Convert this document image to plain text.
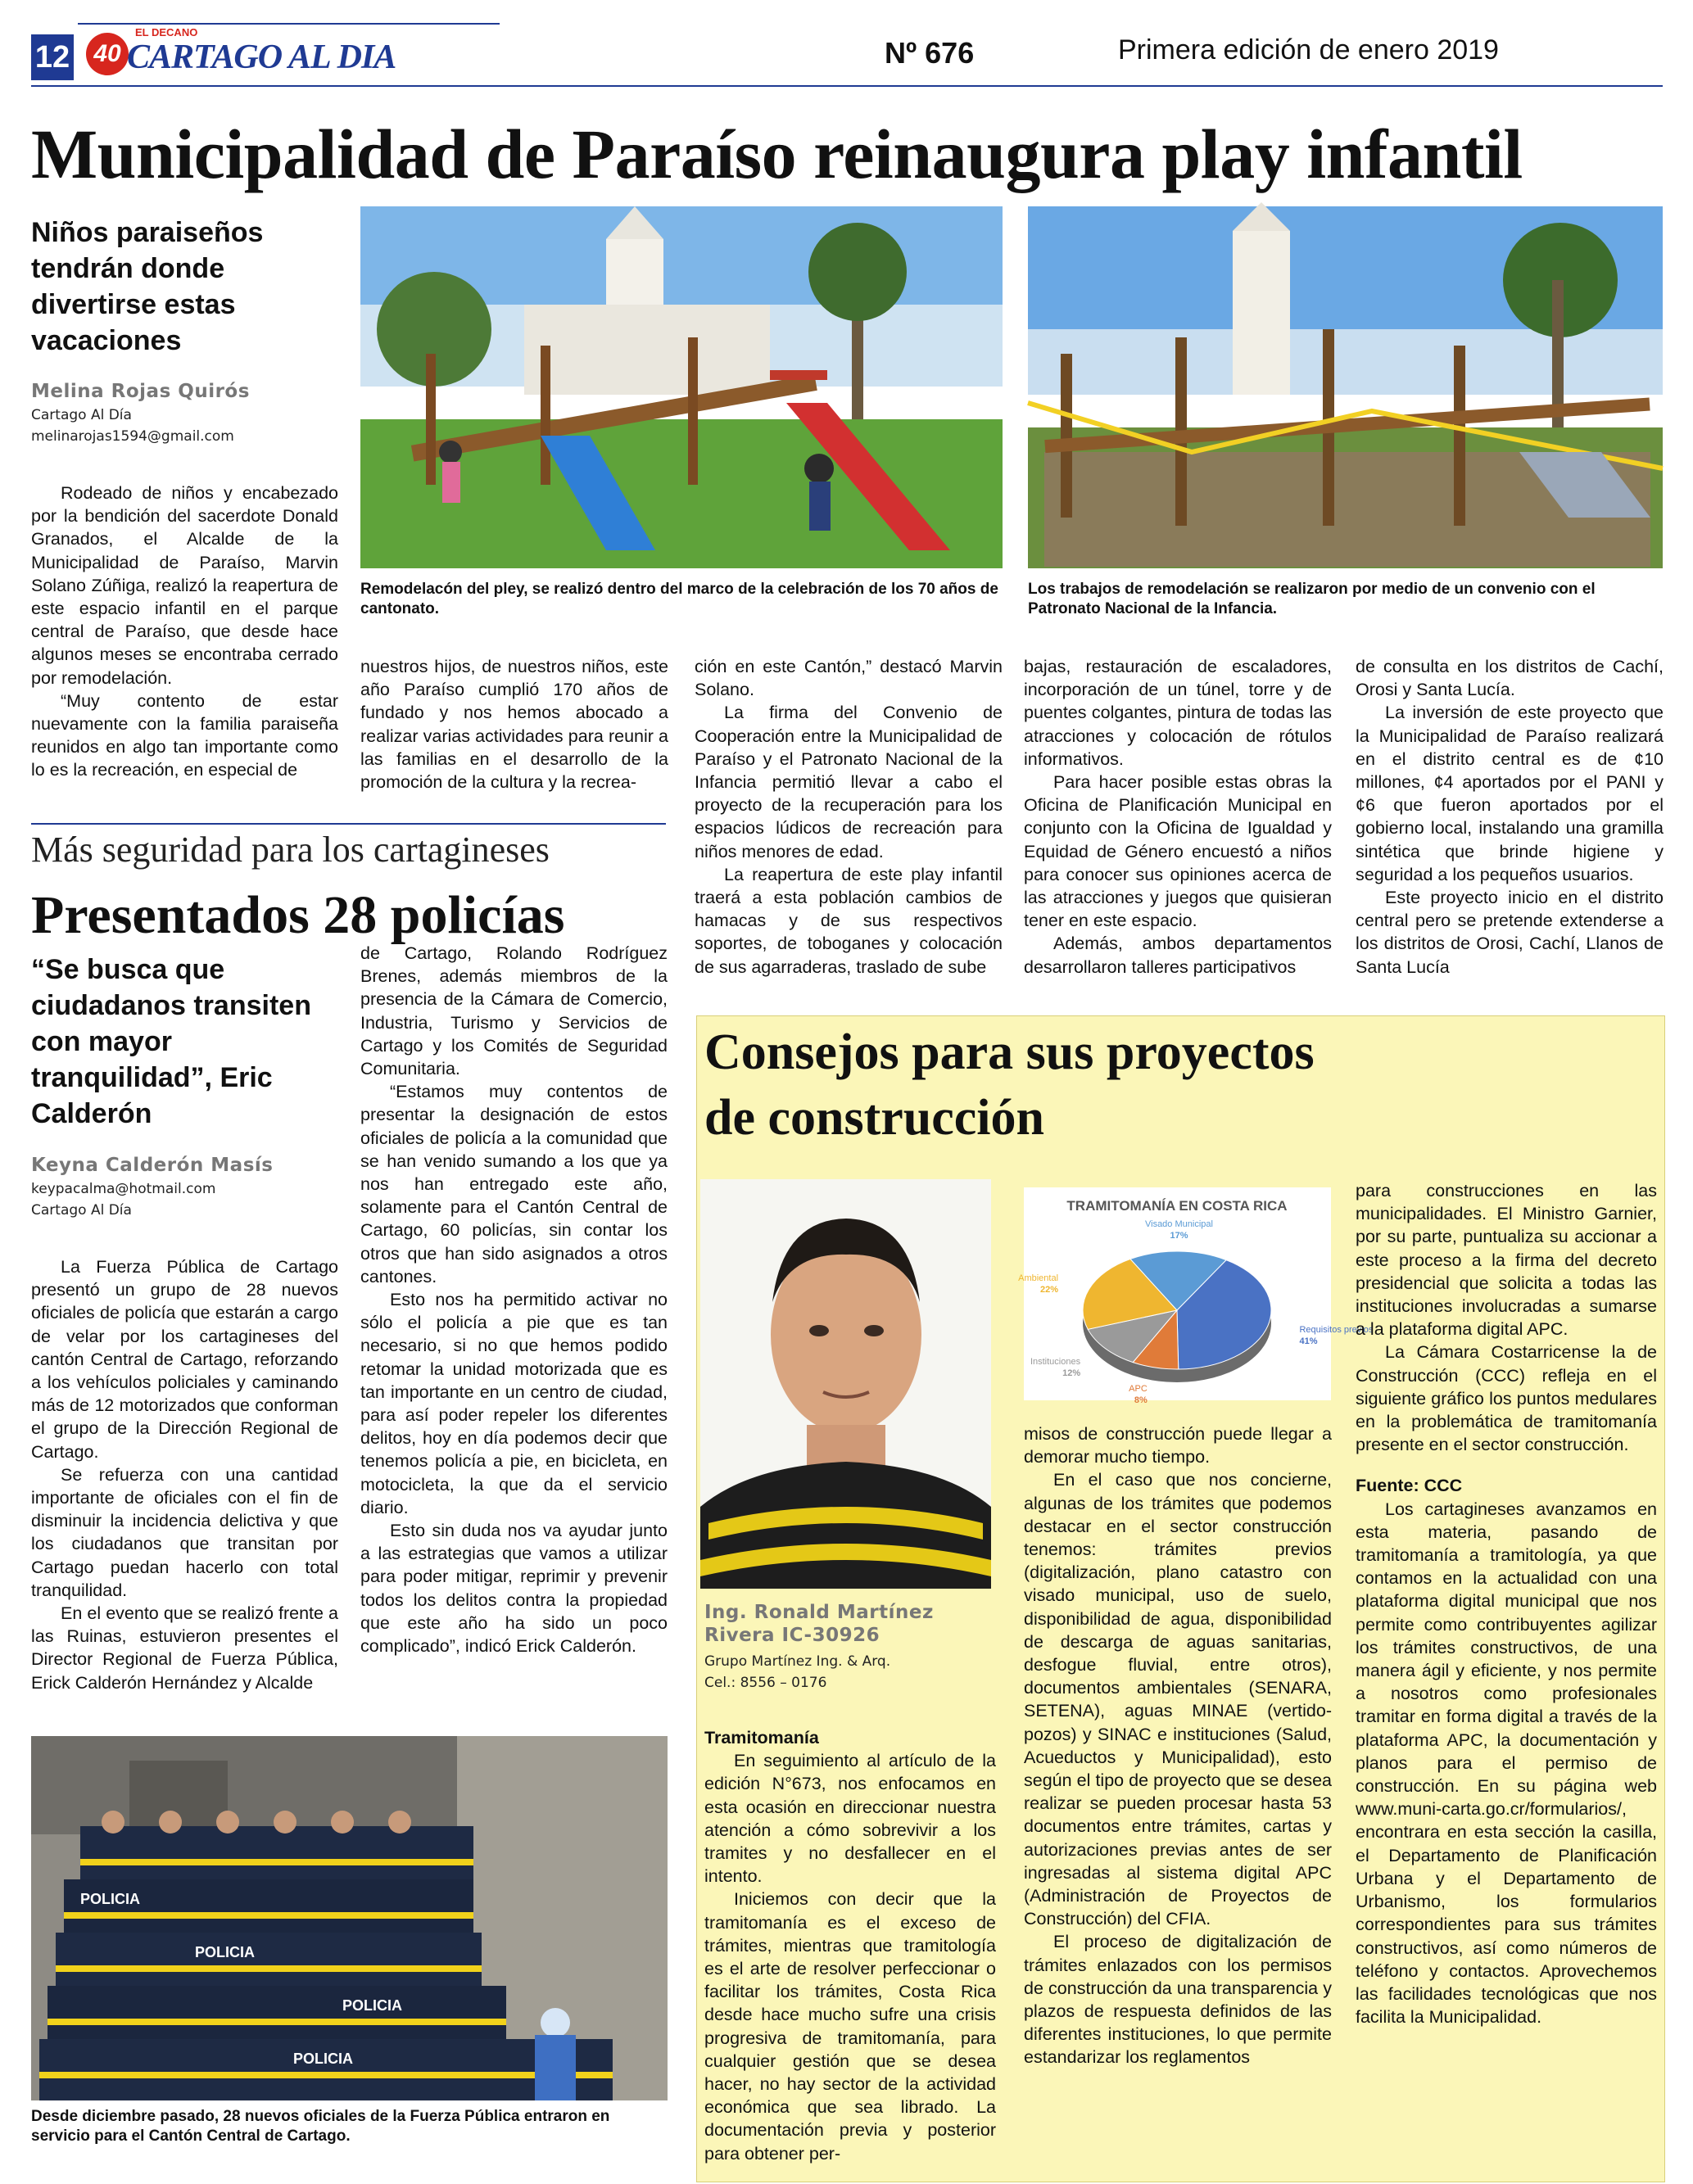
12 40
EL DECANO
CARTAGO AL DIA	Nº 676	Primera edición de enero 2019
Municipalidad de Paraíso reinaugura play infantil
Niños paraiseños tendrán donde divertirse estas vacaciones
Melina Rojas Quirós
Cartago Al Día
melinarojas1594@gmail.com

Rodeado de niños y encabezado por la bendición del sacerdote Donald Granados, el Alcalde de la Municipalidad de Paraíso, Marvin Solano Zúñiga, realizó la reapertura de este espacio infantil en el parque central de Paraíso, que desde hace algunos meses se encontraba cerrado por remodelación.

“Muy contento de estar nuevamente con la familia paraiseña reunidos en algo tan importante como lo es la recreación, en especial de

Remodelacón del pley, se realizó dentro del marco de la celebración de los 70 años de cantonato.
Los trabajos de remodelación se realizaron por medio de un convenio con el Patronato Nacional de la Infancia.

nuestros hijos, de nuestros niños, este año Paraíso cumplió 170 años de fundado y nos hemos abocado a realizar varias actividades para reunir a las familias en el desarrollo de la promoción de la cultura y la recrea-

ción en este Cantón,” destacó Marvin Solano.

La firma del Convenio de Cooperación entre la Municipalidad de Paraíso y el Patronato Nacional de la Infancia permitió llevar a cabo el proyecto de la recuperación para los espacios lúdicos de recreación para niños menores de edad.

La reapertura de este play infantil traerá a esta población cambios de hamacas y de sus respectivos soportes, de toboganes y colocación de sus agarraderas, traslado de sube

bajas, restauración de escaladores, incorporación de un túnel, torre y de puentes colgantes, pintura de todas las atracciones y colocación de rótulos informativos.

Para hacer posible estas obras la Oficina de Planificación Municipal en conjunto con la Oficina de Igualdad y Equidad de Género encuestó a niños para conocer sus opiniones acerca de las atracciones y juegos que quisieran tener en este espacio.

Además, ambos departamentos desarrollaron talleres participativos

de consulta en los distritos de Cachí, Orosi y Santa Lucía.

La inversión de este proyecto que la Municipalidad de Paraíso realizará en el distrito central es de ¢10 millones, ¢4 aportados por el PANI y ¢6 que fueron aportados por el gobierno local, instalando una gramilla sintética que brinde higiene y seguridad a los pequeños usuarios.

Este proyecto inicio en el distrito central pero se pretende extenderse a los distritos de Orosi, Cachí, Llanos de Santa Lucía

Más seguridad para los cartagineses
Presentados 28 policías
“Se busca que ciudadanos transiten con mayor tranquilidad”, Eric Calderón
Keyna Calderón Masís
keypacalma@hotmail.com
Cartago Al Día

La Fuerza Pública de Cartago presentó un grupo de 28 nuevos oficiales de policía que estarán a cargo de velar por los cartagineses del cantón Central de Cartago, reforzando a los vehículos policiales y caminando más de 12 motorizados que conforman el grupo de la Dirección Regional de Cartago.

Se refuerza con una cantidad importante de oficiales con el fin de disminuir la incidencia delictiva y que los ciudadanos que transitan por Cartago puedan hacerlo con total tranquilidad.

En el evento que se realizó frente a las Ruinas, estuvieron presentes el Director Regional de Fuerza Pública, Erick Calderón Hernández y Alcalde

de Cartago, Rolando Rodríguez Brenes, además miembros de la presencia de la Cámara de Comercio, Industria, Turismo y Servicios de Cartago y los Comités de Seguridad Comunitaria.

“Estamos muy contentos de presentar la designación de estos oficiales de policía a la comunidad que se han venido sumando a los que ya nos han entregado este año, solamente para el Cantón Central de Cartago, 60 policías, sin contar los otros que han sido asignados a otros cantones.

Esto nos ha permitido activar no sólo el policía a pie que es tan necesario, si no que hemos podido retomar la unidad motorizada que es tan importante en un centro de ciudad, para así poder repeler los diferentes delitos, hoy en día podemos decir que tenemos policía a pie, en bicicleta, en motocicleta, la que da el servicio diario.

Esto sin duda nos va ayudar junto a las estrategias que vamos a utilizar para poder mitigar, reprimir y prevenir todos los delitos contra la propiedad que este año ha sido un poco complicado”, indicó Erick Calderón.

POLICIA
POLICIA
POLICIA
POLICIA
Desde diciembre pasado, 28 nuevos oficiales de la Fuerza Pública entraron en servicio para el Cantón Central de Cartago.
Consejos para sus proyectos
de construcción
Ing. Ronald Martínez Rivera IC-30926
Grupo Martínez Ing. & Arq.
Cel.: 8556 – 0176

Tramitomanía

En seguimiento al artículo de la edición N°673, nos enfocamos en esta ocasión en direccionar nuestra atención a cómo sobrevivir a los tramites y no desfallecer en el intento.

Iniciemos con decir que la tramitomanía es el exceso de trámites, mientras que tramitología es el arte de resolver perfeccionar o facilitar los trámites, Costa Rica desde hace mucho sufre una crisis progresiva de tramitomanía, para cualquier gestión que se desea hacer, no hay sector de la actividad económica que sea librado. La documentación previa y posterior para obtener per-

TRAMITOMANÍA EN COSTA RICA
Requisitos previos
41%
APC
8%
Instituciones
12%
Ambiental
22%
Visado Municipal
17%

misos de construcción puede llegar a demorar mucho tiempo.

En el caso que nos concierne, algunas de los trámites que podemos destacar en el sector construcción tenemos: trámites previos (digitalización, plano catastro con visado municipal, uso de suelo, disponibilidad de agua, disponibilidad de descarga de aguas sanitarias, desfogue fluvial, entre otros), documentos ambientales (SENARA, SETENA), aguas MINAE (vertido-pozos) y SINAC e instituciones (Salud, Acueductos y Municipalidad), esto según el tipo de proyecto que se desea realizar se pueden procesar hasta 53 documentos entre trámites, cartas y autorizaciones previas antes de ser ingresadas al sistema digital APC (Administración de Proyectos de Construcción) del CFIA.

El proceso de digitalización de trámites enlazados con los permisos de construcción da una transparencia y plazos de respuesta definidos de las diferentes instituciones, lo que permite estandarizar los reglamentos

para construcciones en las municipalidades. El Ministro Garnier, por su parte, puntualiza su accionar a este proceso a la firma del decreto presidencial que solicita a todas las instituciones involucradas a sumarse a la plataforma digital APC.

La Cámara Costarricense la de Construcción (CCC) refleja en el siguiente gráfico los puntos medulares en la problemática de tramitomanía presente en el sector construcción.

Fuente: CCC

Los cartagineses avanzamos en esta materia, pasando de tramitomanía a tramitología, ya que contamos en la actualidad con una plataforma digital municipal que nos permite como contribuyentes agilizar los trámites constructivos, de una manera ágil y eficiente, y nos permite a nosotros como profesionales tramitar en forma digital a través de la plataforma APC, la documentación y planos para el permiso de construcción. En su página web www.muni-carta.go.cr/formularios/, encontrara en esta sección la casilla, el Departamento de Planificación Urbana y el Departamento de Urbanismo, los formularios correspondientes para sus trámites constructivos, así como números de teléfono y contactos. Aprovechemos las facilidades tecnológicas que nos facilita la Municipalidad.
